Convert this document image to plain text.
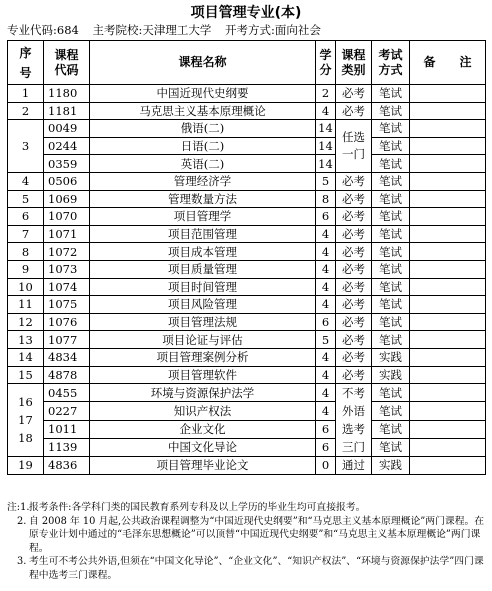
项目管理专业(本)
专业代码:684 主考院校:天津理工大学 开考方式:面向社会
序号	课程代码	课程名称	学分	课程类别	考试方式	备　　注
1	1180	中国近现代史纲要	2	必考	笔试	
2	1181	马克思主义基本原理概论	4	必考	笔试	
3	0049	俄语(二)	14	任选一门	笔试	
	0244	日语(二)	14		笔试	
	0359	英语(二)	14		笔试	
4	0506	管理经济学	5	必考	笔试	
5	1069	管理数量方法	8	必考	笔试	
6	1070	项目管理学	6	必考	笔试	
7	1071	项目范围管理	4	必考	笔试	
8	1072	项目成本管理	4	必考	笔试	
9	1073	项目质量管理	4	必考	笔试	
10	1074	项目时间管理	4	必考	笔试	
11	1075	项目风险管理	4	必考	笔试	
12	1076	项目管理法规	6	必考	笔试	
13	1077	项目论证与评估	5	必考	笔试	
14	4834	项目管理案例分析	4	必考	实践	
15	4878	项目管理软件	4	必考	实践	

16 17 18	0455	环境与资源保护法学	4	不考外语选考三门	笔试	
	0227	知识产权法	4		笔试	
	1011	企业文化	6		笔试	
	1139	中国文化导论	6		笔试	
19	4836	项目管理毕业论文	0	通过	实践	
注:1. 报考条件:各学科门类的国民教育系列专科及以上学历的毕业生均可直接报考。
2. 自 2008 年 10 月起,公共政治课程调整为“中国近现代史纲要”和“马克思主义基本原理概论”两门课程。在原专业计划中通过的“毛泽东思想概论”可以顶替“中国近现代史纲要”和“马克思主义基本原理概论”两门课程。
3. 考生可不考公共外语,但须在“中国文化导论”、“企业文化”、“知识产权法”、“环境与资源保护法学”四门课程中选考三门课程。
